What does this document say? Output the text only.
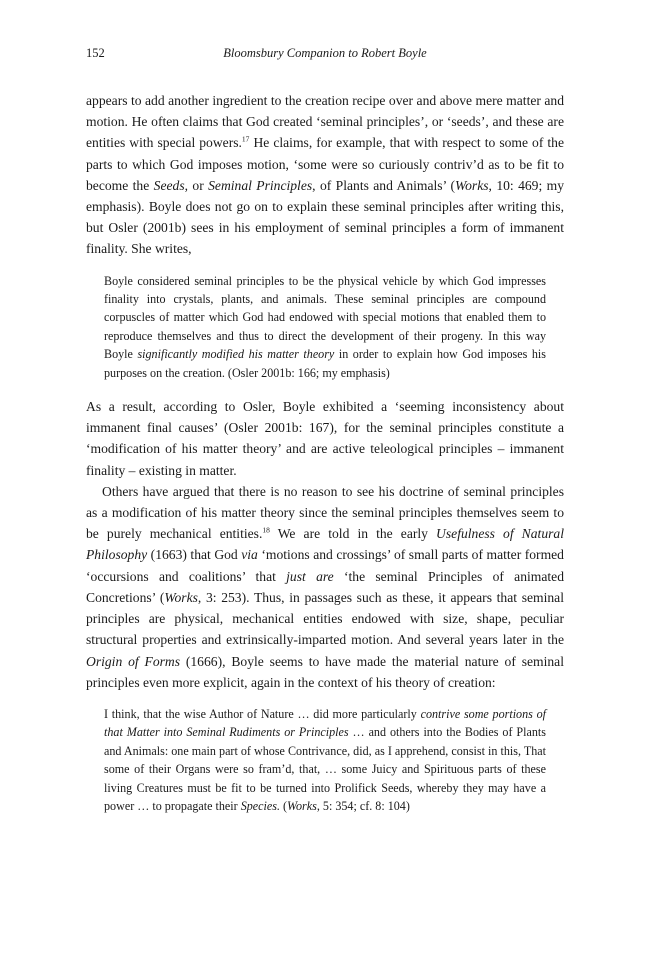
152	Bloomsbury Companion to Robert Boyle

appears to add another ingredient to the creation recipe over and above mere matter and motion. He often claims that God created ‘seminal principles’, or ‘seeds’, and these are entities with special powers.$^{17}$ He claims, for example, that with respect to some of the parts to which God imposes motion, ‘some were so curiously contriv’d as to be fit to become the Seeds, or Seminal Principles, of Plants and Animals’ (Works, 10: 469; my emphasis). Boyle does not go on to explain these seminal principles after writing this, but Osler (2001b) sees in his employment of seminal principles a form of immanent finality. She writes,

Boyle considered seminal principles to be the physical vehicle by which God impresses finality into crystals, plants, and animals. These seminal principles are compound corpuscles of matter which God had endowed with special motions that enabled them to reproduce themselves and thus to direct the development of their progeny. In this way Boyle significantly modified his matter theory in order to explain how God imposes his purposes on the creation. (Osler 2001b: 166; my emphasis)

As a result, according to Osler, Boyle exhibited a ‘seeming inconsistency about immanent final causes’ (Osler 2001b: 167), for the seminal principles constitute a ‘modification of his matter theory’ and are active teleological principles – immanent finality – existing in matter.

Others have argued that there is no reason to see his doctrine of seminal principles as a modification of his matter theory since the seminal principles themselves seem to be purely mechanical entities.$^{18}$ We are told in the early Usefulness of Natural Philosophy (1663) that God via ‘motions and crossings’ of small parts of matter formed ‘occursions and coalitions’ that just are ‘the seminal Principles of animated Concretions’ (Works, 3: 253). Thus, in passages such as these, it appears that seminal principles are physical, mechanical entities endowed with size, shape, peculiar structural properties and extrinsically-imparted motion. And several years later in the Origin of Forms (1666), Boyle seems to have made the material nature of seminal principles even more explicit, again in the context of his theory of creation:

I think, that the wise Author of Nature … did more particularly contrive some portions of that Matter into Seminal Rudiments or Principles … and others into the Bodies of Plants and Animals: one main part of whose Contrivance, did, as I apprehend, consist in this, That some of their Organs were so fram’d, that, … some Juicy and Spirituous parts of these living Creatures must be fit to be turned into Prolifick Seeds, whereby they may have a power … to propagate their Species. (Works, 5: 354; cf. 8: 104)
